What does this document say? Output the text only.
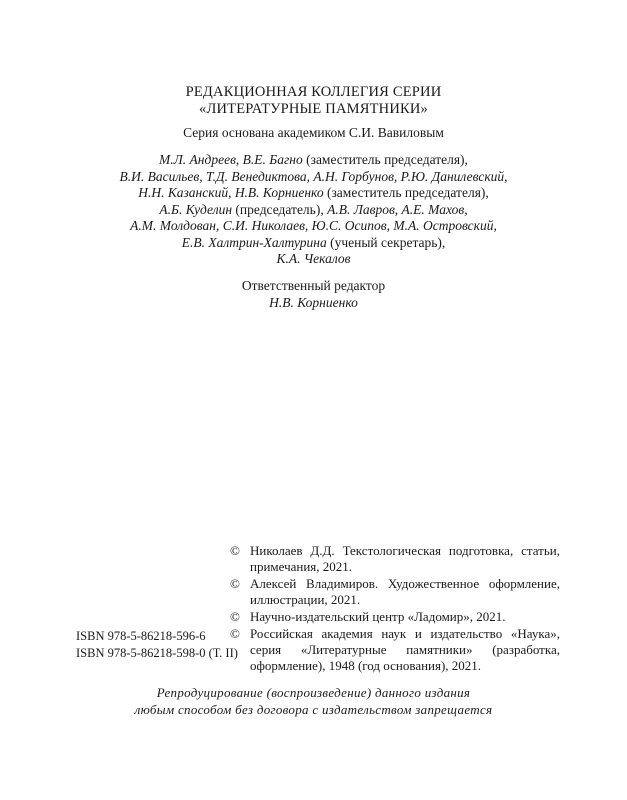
РЕДАКЦИОННАЯ КОЛЛЕГИЯ СЕРИИ
«ЛИТЕРАТУРНЫЕ ПАМЯТНИКИ»
Серия основана академиком С.И. Вавиловым
М.Л. Андреев, В.Е. Багно (заместитель председателя),
В.И. Васильев, Т.Д. Венедиктова, А.Н. Горбунов, Р.Ю. Данилевский,
Н.Н. Казанский, Н.В. Корниенко (заместитель председателя),
А.Б. Куделин (председатель), А.В. Лавров, А.Е. Махов,
А.М. Молдован, С.И. Николаев, Ю.С. Осипов, М.А. Островский,
Е.В. Халтрин-Халтурина (ученый секретарь),
К.А. Чекалов
Ответственный редактор
Н.В. Корниенко
© Николаев Д.Д. Текстологическая подготовка, статьи, примечания, 2021.
© Алексей Владимиров. Художественное оформление, иллюстрации, 2021.
© Научно-издательский центр «Ладомир», 2021.
© Российская академия наук и издательство «Наука», серия «Литературные памятники» (разработка, оформление), 1948 (год основания), 2021.
ISBN 978-5-86218-596-6
ISBN 978-5-86218-598-0 (Т. II)
Репродуцирование (воспроизведение) данного издания
любым способом без договора с издательством запрещается
